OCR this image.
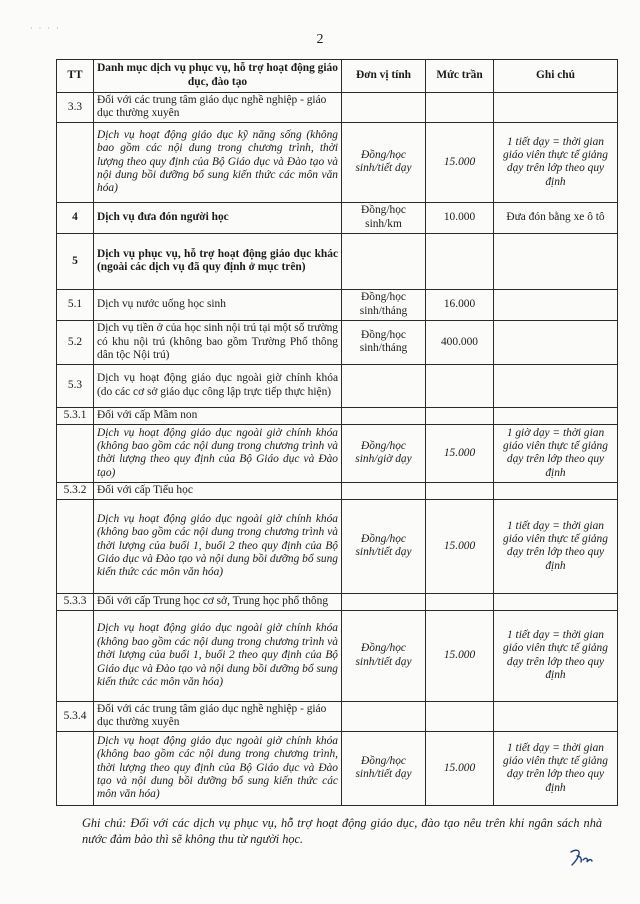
· · · ·
2
TT	Danh mục dịch vụ phục vụ, hỗ trợ hoạt động giáo dục, đào tạo	Đơn vị tính	Mức trần	Ghi chú
3.3	Đối với các trung tâm giáo dục nghề nghiệp - giáo dục thường xuyên			
	Dịch vụ hoạt động giáo dục kỹ năng sống (không bao gồm các nội dung trong chương trình, thời lượng theo quy định của Bộ Giáo dục và Đào tạo và nội dung bồi dưỡng bổ sung kiến thức các môn văn hóa)	Đồng/học sinh/tiết dạy	15.000	1 tiết dạy = thời gian giáo viên thực tế giảng dạy trên lớp theo quy định
4	Dịch vụ đưa đón người học	Đồng/học sinh/km	10.000	Đưa đón bằng xe ô tô
5	Dịch vụ phục vụ, hỗ trợ hoạt động giáo dục khác (ngoài các dịch vụ đã quy định ở mục trên)			
5.1	Dịch vụ nước uống học sinh	Đồng/học sinh/tháng	16.000	
5.2	Dịch vụ tiền ở của học sinh nội trú tại một số trường có khu nội trú (không bao gồm Trường Phổ thông dân tộc Nội trú)	Đồng/học sinh/tháng	400.000	
5.3	Dịch vụ hoạt động giáo dục ngoài giờ chính khóa (do các cơ sở giáo dục công lập trực tiếp thực hiện)			
5.3.1	Đối với cấp Mầm non			
	Dịch vụ hoạt động giáo dục ngoài giờ chính khóa (không bao gồm các nội dung trong chương trình và thời lượng theo quy định của Bộ Giáo dục và Đào tạo)	Đồng/học sinh/giờ dạy	15.000	1 giờ dạy = thời gian giáo viên thực tế giảng dạy trên lớp theo quy định
5.3.2	Đối với cấp Tiểu học			
	Dịch vụ hoạt động giáo dục ngoài giờ chính khóa (không bao gồm các nội dung trong chương trình và thời lượng của buổi 1, buổi 2 theo quy định của Bộ Giáo dục và Đào tạo và nội dung bồi dưỡng bổ sung kiến thức các môn văn hóa)	Đồng/học sinh/tiết dạy	15.000	1 tiết dạy = thời gian giáo viên thực tế giảng dạy trên lớp theo quy định
5.3.3	Đối với cấp Trung học cơ sở, Trung học phổ thông			
	Dịch vụ hoạt động giáo dục ngoài giờ chính khóa (không bao gồm các nội dung trong chương trình và thời lượng của buổi 1, buổi 2 theo quy định của Bộ Giáo dục và Đào tạo và nội dung bồi dưỡng bổ sung kiến thức các môn văn hóa)	Đồng/học sinh/tiết dạy	15.000	1 tiết dạy = thời gian giáo viên thực tế giảng dạy trên lớp theo quy định
5.3.4	Đối với các trung tâm giáo dục nghề nghiệp - giáo dục thường xuyên			
	Dịch vụ hoạt động giáo dục ngoài giờ chính khóa (không bao gồm các nội dung trong chương trình, thời lượng theo quy định của Bộ Giáo dục và Đào tạo và nội dung bồi dưỡng bổ sung kiến thức các môn văn hóa)	Đồng/học sinh/tiết dạy	15.000	1 tiết dạy = thời gian giáo viên thực tế giảng dạy trên lớp theo quy định
Ghi chú: Đối với các dịch vụ phục vụ, hỗ trợ hoạt động giáo dục, đào tạo nêu trên khi ngân sách nhà nước đảm bảo thì sẽ không thu từ người học.
